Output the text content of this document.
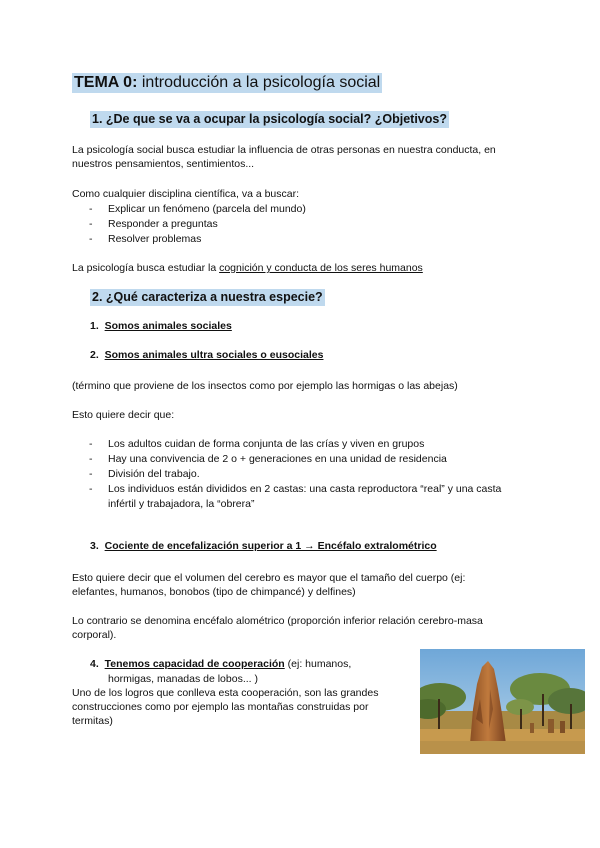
TEMA 0: introducción a la psicología social
1. ¿De que se va a ocupar la psicología social? ¿Objetivos?
La psicología social busca estudiar la influencia de otras personas en nuestra conducta, en
nuestros pensamientos, sentimientos...
Como cualquier disciplina científica, va a buscar:
- Explicar un fenómeno (parcela del mundo)
- Responder a preguntas
- Resolver problemas
La psicología busca estudiar la cognición y conducta de los seres humanos
2. ¿Qué caracteriza a nuestra especie?
1. Somos animales sociales
2. Somos animales ultra sociales o eusociales
(término que proviene de los insectos como por ejemplo las hormigas o las abejas)
Esto quiere decir que:
- Los adultos cuidan de forma conjunta de las crías y viven en grupos
- Hay una convivencia de 2 o + generaciones en una unidad de residencia
- División del trabajo.
- Los individuos están divididos en 2 castas: una casta reproductora “real” y una casta
infértil y trabajadora, la “obrera”
3. Cociente de encefalización superior a 1 → Encéfalo extralométrico
Esto quiere decir que el volumen del cerebro es mayor que el tamaño del cuerpo (ej:
elefantes, humanos, bonobos (tipo de chimpancé) y delfines)
Lo contrario se denomina encéfalo alométrico (proporción inferior relación cerebro-masa
corporal).
4. Tenemos capacidad de cooperación (ej: humanos,
hormigas, manadas de lobos... )
Uno de los logros que conlleva esta cooperación, son las grandes
construcciones como por ejemplo las montañas construidas por
termitas)
